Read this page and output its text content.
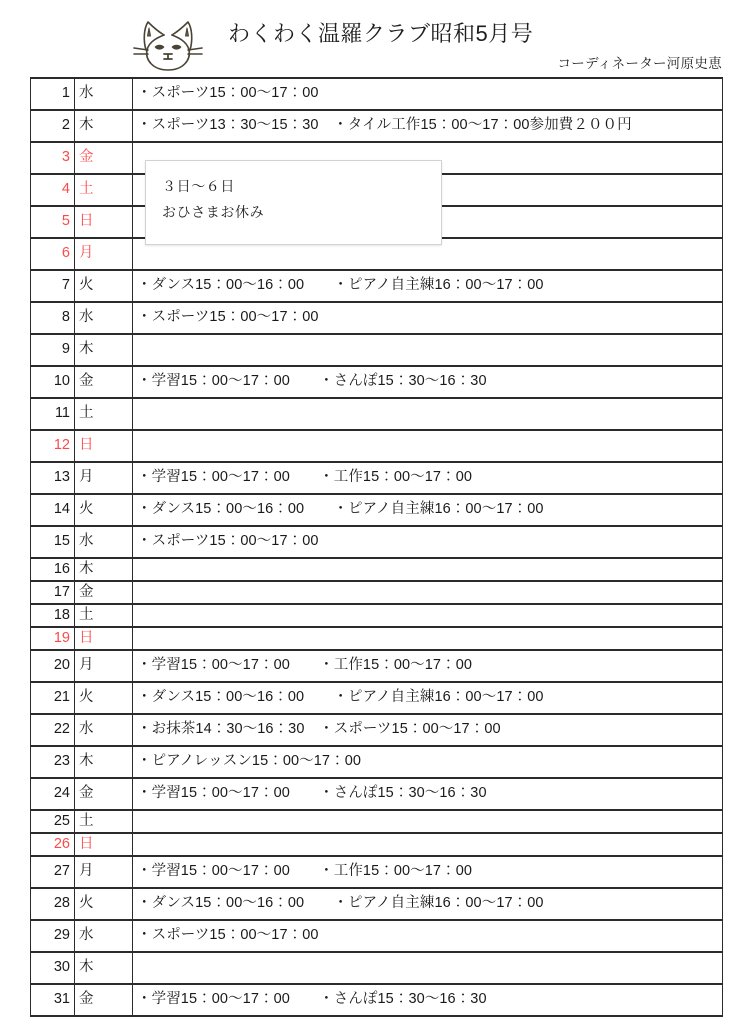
わくわく温羅クラブ昭和5月号
コーディネーター河原史恵
1	水	・スポーツ15：00～17：00
2	木	・スポーツ13：30～15：30　・タイル工作15：00～17：00参加費２００円
3	金	
4	土	
5	日	
6	月	
7	火	・ダンス15：00～16：00　　・ピアノ自主練16：00～17：00
8	水	・スポーツ15：00～17：00
9	木	
10	金	・学習15：00～17：00　　・さんぽ15：30～16：30
11	土	
12	日	
13	月	・学習15：00～17：00　　・工作15：00～17：00
14	火	・ダンス15：00～16：00　　・ピアノ自主練16：00～17：00
15	水	・スポーツ15：00～17：00
16	木	
17	金	
18	土	
19	日	
20	月	・学習15：00～17：00　　・工作15：00～17：00
21	火	・ダンス15：00～16：00　　・ピアノ自主練16：00～17：00
22	水	・お抹茶14：30～16：30　・スポーツ15：00～17：00
23	木	・ピアノレッスン15：00～17：00
24	金	・学習15：00～17：00　　・さんぽ15：30～16：30
25	土	
26	日	
27	月	・学習15：00～17：00　　・工作15：00～17：00
28	火	・ダンス15：00～16：00　　・ピアノ自主練16：00～17：00
29	水	・スポーツ15：00～17：00
30	木	
31	金	・学習15：00～17：00　　・さんぽ15：30～16：30
３日～６日
おひさまお休み
